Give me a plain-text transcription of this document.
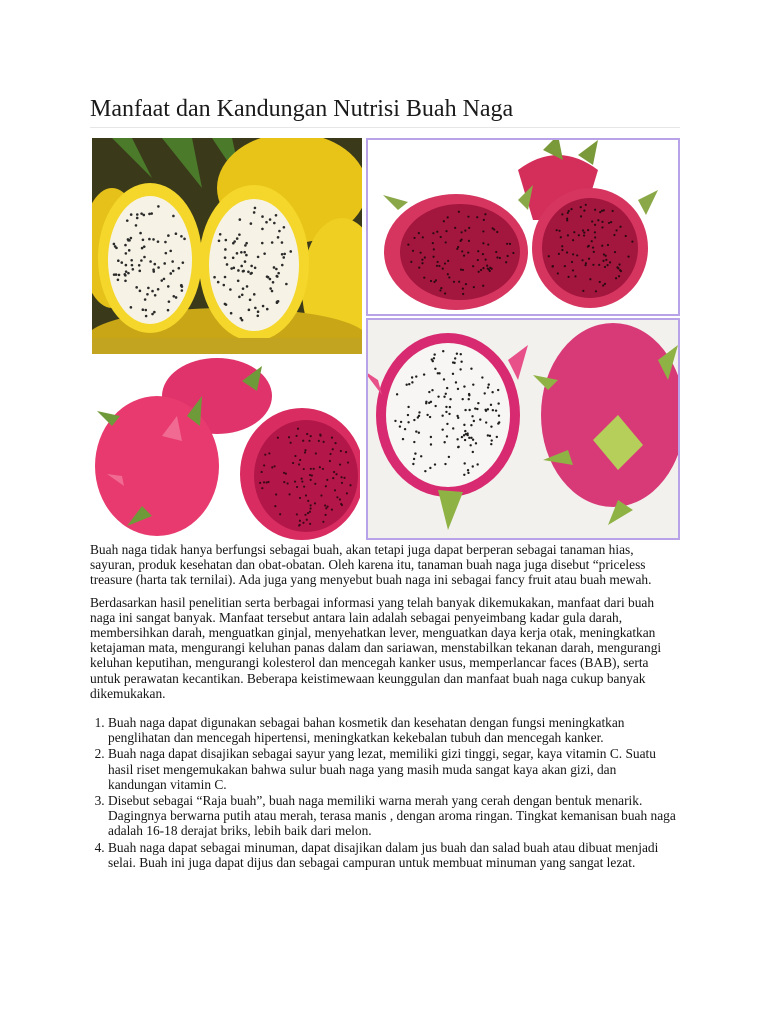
Manfaat dan Kandungan Nutrisi Buah Naga

Buah naga tidak hanya berfungsi sebagai buah, akan tetapi juga dapat berperan sebagai tanaman hias, sayuran, produk kesehatan dan obat-obatan. Oleh karena itu, tanaman buah naga juga disebut “priceless treasure (harta tak ternilai). Ada juga yang menyebut buah naga ini sebagai fancy fruit atau buah mewah.

Berdasarkan hasil penelitian serta berbagai informasi yang telah banyak dikemukakan, manfaat dari buah naga ini sangat banyak. Manfaat tersebut antara lain adalah sebagai penyeimbang kadar gula darah, membersihkan darah, menguatkan ginjal, menyehatkan lever, menguatkan daya kerja otak, meningkatkan ketajaman mata, mengurangi keluhan panas dalam dan sariawan, menstabilkan tekanan darah, mengurangi keluhan keputihan, mengurangi kolesterol dan mencegah kanker usus, memperlancar faces (BAB), serta untuk perawatan kecantikan. Beberapa keistimewaan keunggulan dan manfaat buah naga cukup banyak dikemukakan.

1. Buah naga dapat digunakan sebagai bahan kosmetik dan kesehatan dengan fungsi meningkatkan penglihatan dan mencegah hipertensi, meningkatkan kekebalan tubuh dan mencegah kanker.
2. Buah naga dapat disajikan sebagai sayur yang lezat, memiliki gizi tinggi, segar, kaya vitamin C. Suatu hasil riset mengemukakan bahwa sulur buah naga yang masih muda sangat kaya akan gizi, dan kandungan vitamin C.
3. Disebut sebagai “Raja buah”, buah naga memiliki warna merah yang cerah dengan bentuk menarik. Dagingnya berwarna putih atau merah, terasa manis , dengan aroma ringan. Tingkat kemanisan buah naga adalah 16-18 derajat briks, lebih baik dari melon.
4. Buah naga dapat sebagai minuman, dapat disajikan dalam jus buah dan salad buah atau dibuat menjadi selai. Buah ini juga dapat dijus dan sebagai campuran untuk membuat minuman yang sangat lezat.
